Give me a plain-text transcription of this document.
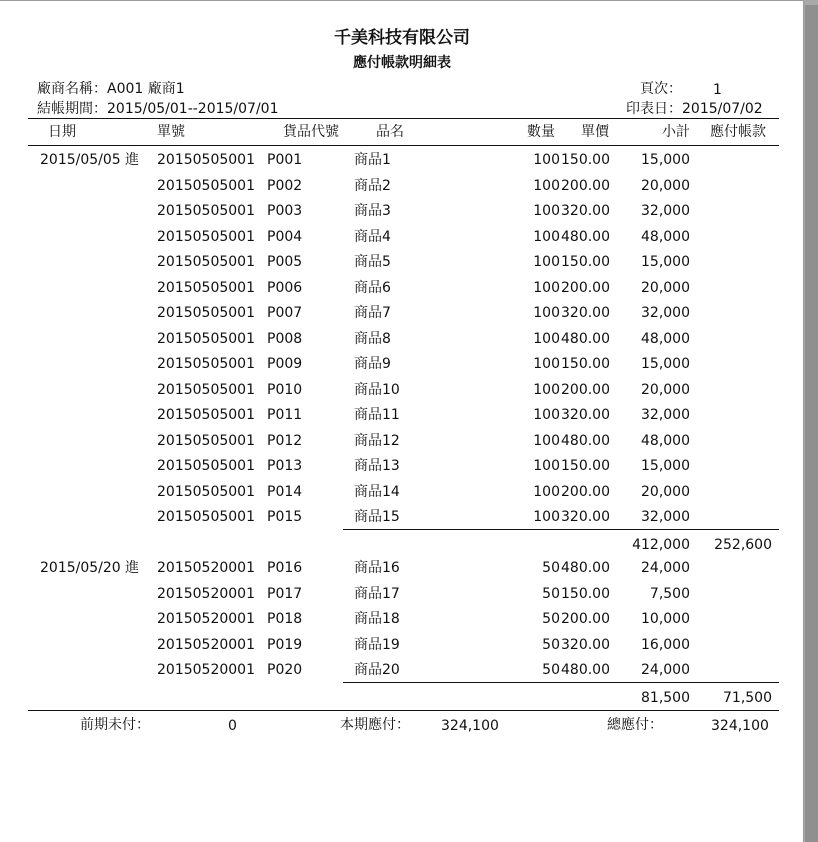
千美科技有限公司
應付帳款明細表
廠商名稱：A001 廠商1
結帳期間：2015/05/01--2015/07/01
頁次： 1
印表日：2015/07/02
日期	單號	貨品代號	品名	數量 單價	小計 應付帳款
2015/05/05 進 20150505001 P001	商品1	100 150.00	15,000
20150505001 P002	商品2	100 200.00	20,000
20150505001 P003	商品3	100 320.00	32,000
20150505001 P004	商品4	100 480.00	48,000
20150505001 P005	商品5	100 150.00	15,000
20150505001 P006	商品6	100 200.00	20,000
20150505001 P007	商品7	100 320.00	32,000
20150505001 P008	商品8	100 480.00	48,000
20150505001 P009	商品9	100 150.00	15,000
20150505001 P010	商品10	100 200.00	20,000
20150505001 P011	商品11	100 320.00	32,000
20150505001 P012	商品12	100 480.00	48,000
20150505001 P013	商品13	100 150.00	15,000
20150505001 P014	商品14	100 200.00	20,000
20150505001 P015	商品15	100 320.00	32,000
412,000	252,600
2015/05/20 進 20150520001 P016	商品16	50 480.00	24,000
20150520001 P017	商品17	50 150.00	7,500
20150520001 P018	商品18	50 200.00	10,000
20150520001 P019	商品19	50 320.00	16,000
20150520001 P020	商品20	50 480.00	24,000
81,500	71,500
前期未付：	0	本期應付： 324,100	總應付：	324,100
